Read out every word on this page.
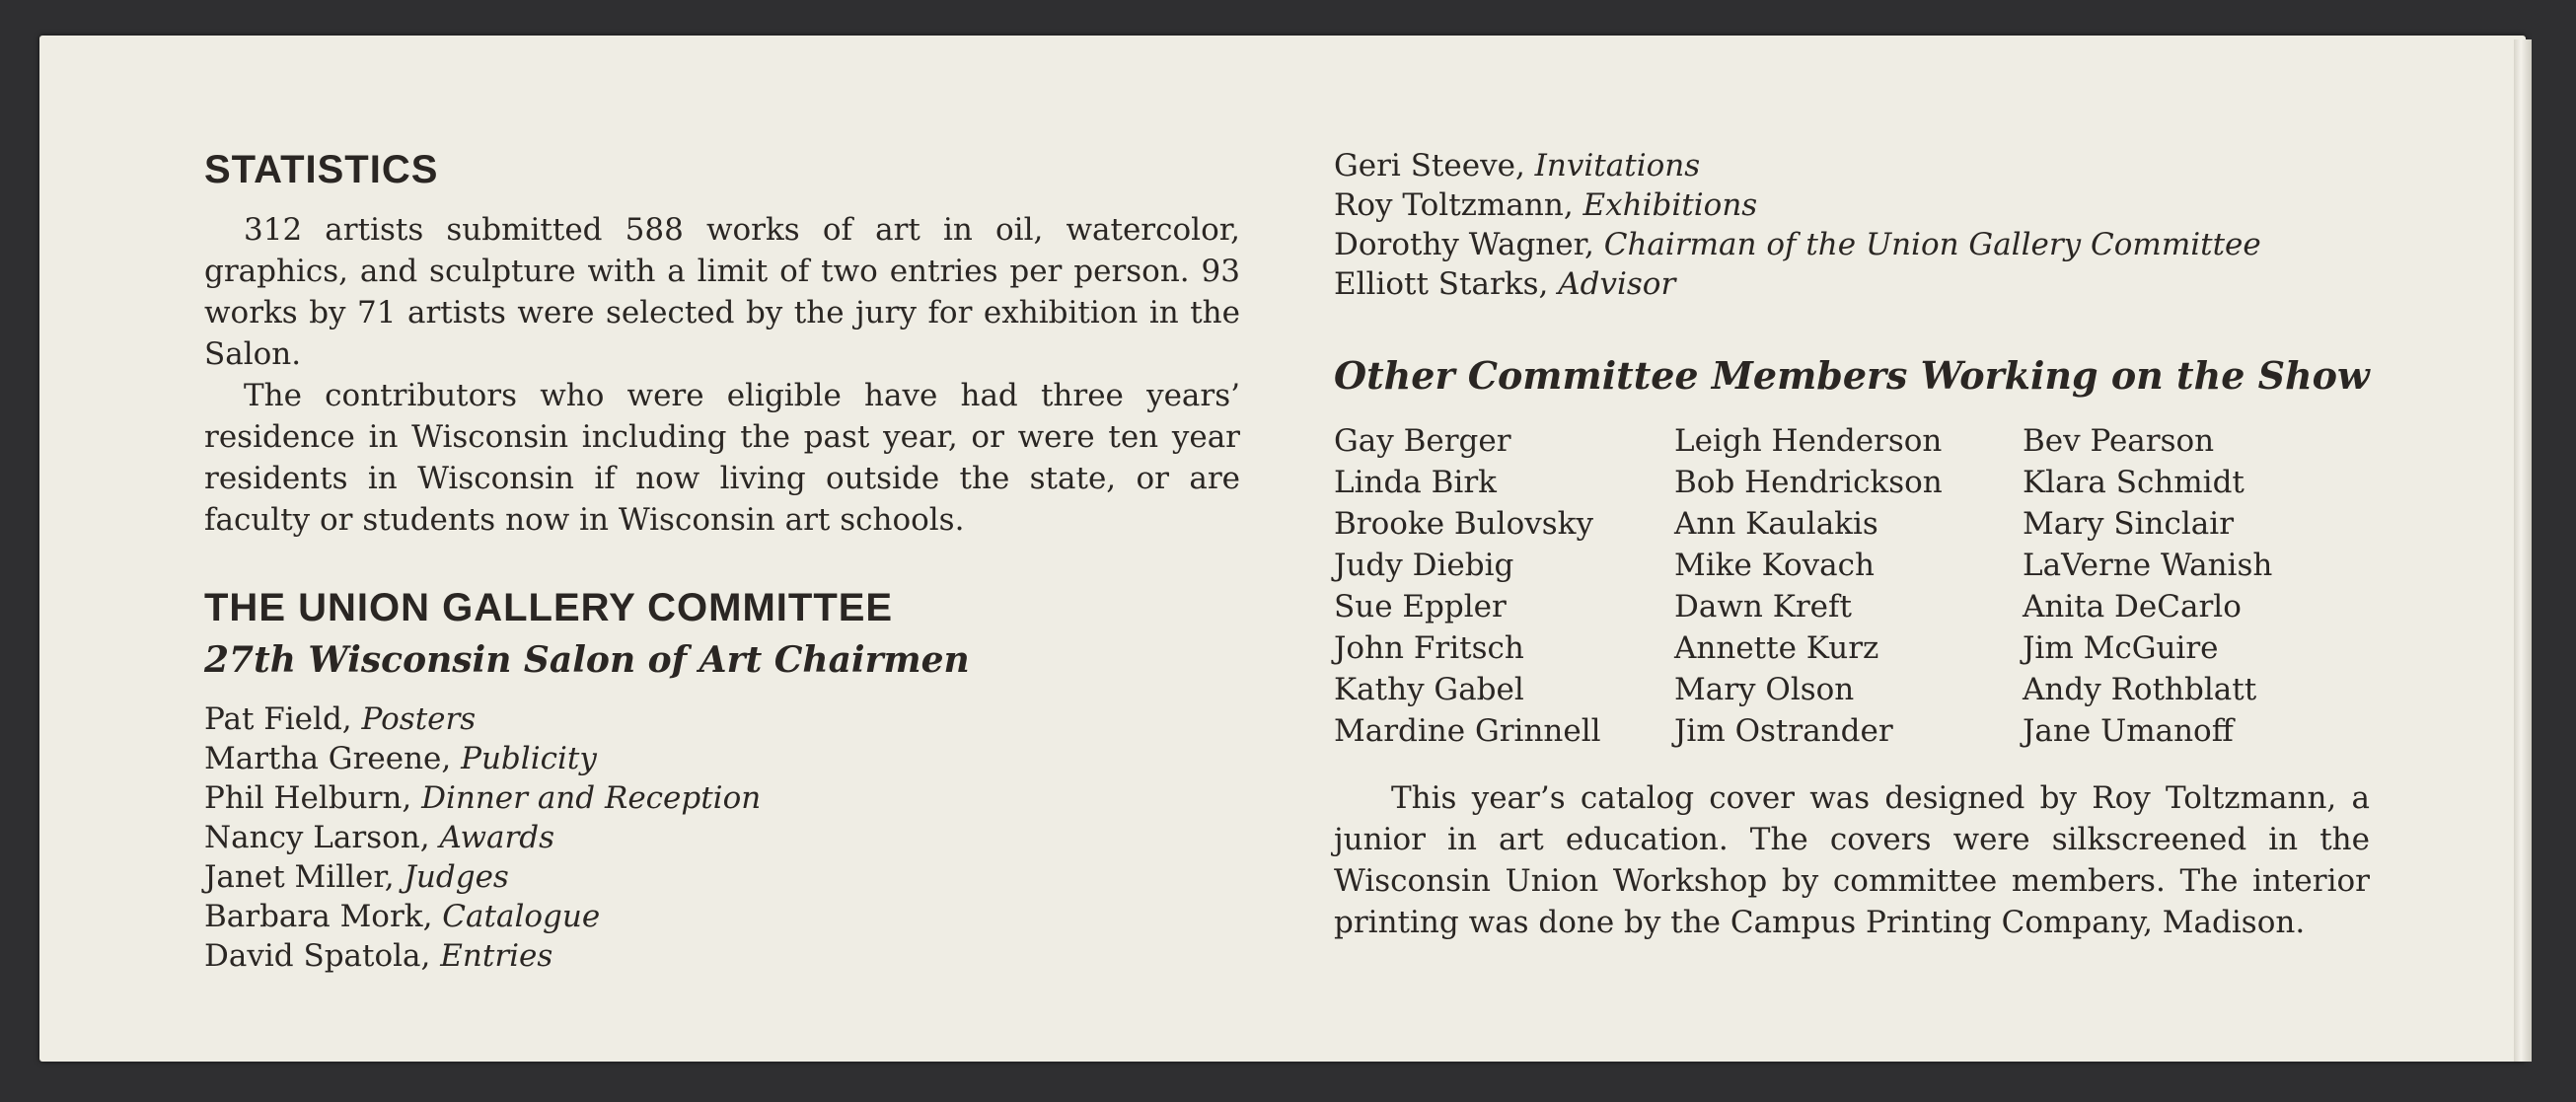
STATISTICS

312 artists submitted 588 works of art in oil, watercolor, graphics, and sculpture with a limit of two entries per person. 93 works by 71 artists were selected by the jury for exhibition in the Salon.

The contributors who were eligible have had three years’ residence in Wisconsin including the past year, or were ten year residents in Wisconsin if now living outside the state, or are faculty or students now in Wisconsin art schools.

THE UNION GALLERY COMMITTEE
27th Wisconsin Salon of Art Chairmen

Pat Field, Posters

Martha Greene, Publicity

Phil Helburn, Dinner and Reception

Nancy Larson, Awards

Janet Miller, Judges

Barbara Mork, Catalogue

David Spatola, Entries

Geri Steeve, Invitations

Roy Toltzmann, Exhibitions

Dorothy Wagner, Chairman of the Union Gallery Committee

Elliott Starks, Advisor

Other Committee Members Working on the Show
Gay Berger	Leigh Henderson	Bev Pearson
Linda Birk	Bob Hendrickson	Klara Schmidt
Brooke Bulovsky	Ann Kaulakis	Mary Sinclair
Judy Diebig	Mike Kovach	LaVerne Wanish
Sue Eppler	Dawn Kreft	Anita DeCarlo
John Fritsch	Annette Kurz	Jim McGuire
Kathy Gabel	Mary Olson	Andy Rothblatt
Mardine Grinnell	Jim Ostrander	Jane Umanoff

This year’s catalog cover was designed by Roy Toltzmann, a junior in art education. The covers were silkscreened in the Wisconsin Union Workshop by committee members. The interior printing was done by the Campus Printing Company, Madison.
